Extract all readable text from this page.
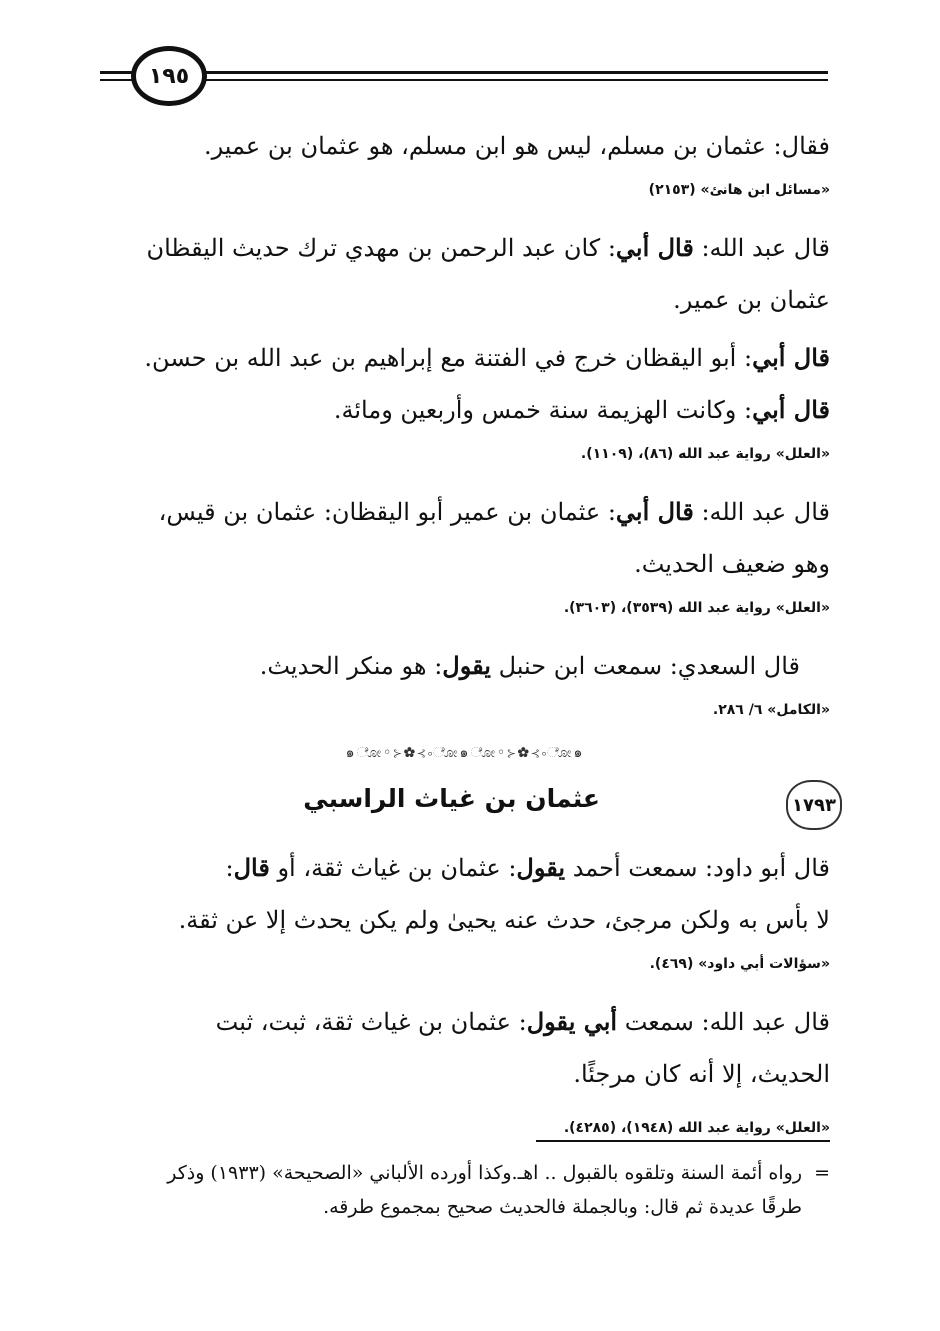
١٩٥

فقال: عثمان بن مسلم، ليس هو ابن مسلم، هو عثمان بن عمير.

«مسائل ابن هانئ» (٢١٥٣)

قال عبد الله: قال أبي: كان عبد الرحمن بن مهدي ترك حديث اليقظان

عثمان بن عمير.

قال أبي: أبو اليقظان خرج في الفتنة مع إبراهيم بن عبد الله بن حسن.

قال أبي: وكانت الهزيمة سنة خمس وأربعين ومائة.

«العلل» رواية عبد الله (٨٦)، (١١٠٩).

قال عبد الله: قال أبي: عثمان بن عمير أبو اليقظان: عثمان بن قيس،

وهو ضعيف الحديث.

«العلل» رواية عبد الله (٣٥٣٩)، (٣٦٠٣).

قال السعدي: سمعت ابن حنبل يقول: هو منكر الحديث.

«الكامل» ٦/ ٢٨٦.

๑ೋ◦⊱✿⊰◦ೋ๑ೋ◦⊱✿⊰◦ೋ๑
١٧٩٣
عثمان بن غياث الراسبي

قال أبو داود: سمعت أحمد يقول: عثمان بن غياث ثقة، أو قال:

لا بأس به ولكن مرجئ، حدث عنه يحيىٰ ولم يكن يحدث إلا عن ثقة.

«سؤالات أبي داود» (٤٦٩).

قال عبد الله: سمعت أبي يقول: عثمان بن غياث ثقة، ثبت، ثبت

الحديث، إلا أنه كان مرجئًا.

«العلل» رواية عبد الله (١٩٤٨)، (٤٢٨٥).

=رواه أئمة السنة وتلقوه بالقبول .. اهـ.وكذا أورده الألباني «الصحيحة» (١٩٣٣) وذكر

طرقًا عديدة ثم قال: وبالجملة فالحديث صحيح بمجموع طرقه.
